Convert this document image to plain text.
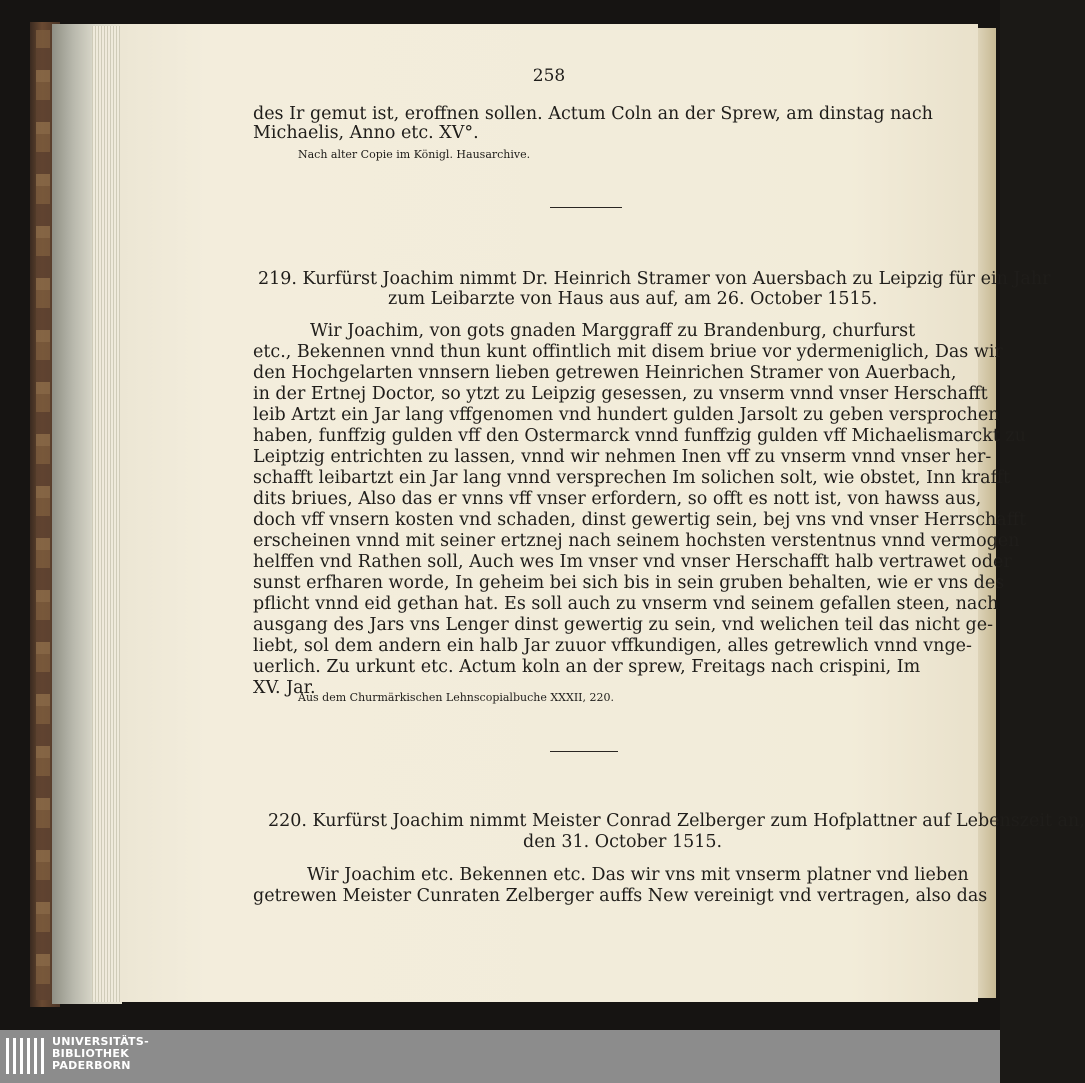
258
des Ir gemut ist, eroffnen sollen. Actum Coln an der Sprew, am dinstag nach
Michaelis, Anno etc. XV°.
Nach alter Copie im Königl. Hausarchive.
219. Kurfürst Joachim nimmt Dr. Heinrich Stramer von Auersbach zu Leipzig für ein Jahr
zum Leibarzte von Haus aus auf, am 26. October 1515.
Wir Joachim, von gots gnaden Marggraff zu Brandenburg, churfurst
etc., Bekennen vnnd thun kunt offintlich mit disem briue vor ydermeniglich, Das wir
den Hochgelarten vnnsern lieben getrewen Heinrichen Stramer von Auerbach,
in der Ertnej Doctor, so ytzt zu Leipzig gesessen, zu vnserm vnnd vnser Herschafft
leib Artzt ein Jar lang vffgenomen vnd hundert gulden Jarsolt zu geben versprochen
haben, funffzig gulden vff den Ostermarck vnnd funffzig gulden vff Michaelismarckt zu
Leiptzig entrichten zu lassen, vnnd wir nehmen Inen vff zu vnserm vnnd vnser her-
schafft leibartzt ein Jar lang vnnd versprechen Im solichen solt, wie obstet, Inn krafft
dits briues, Also das er vnns vff vnser erfordern, so offt es nott ist, von hawss aus,
doch vff vnsern kosten vnd schaden, dinst gewertig sein, bej vns vnd vnser Herrschafft
erscheinen vnnd mit seiner ertznej nach seinem hochsten verstentnus vnnd vermogen
helffen vnd Rathen soll, Auch wes Im vnser vnd vnser Herschafft halb vertrawet oder
sunst erfharen worde, In geheim bei sich bis in sein gruben behalten, wie er vns des
pflicht vnnd eid gethan hat. Es soll auch zu vnserm vnd seinem gefallen steen, nach
ausgang des Jars vns Lenger dinst gewertig zu sein, vnd welichen teil das nicht ge-
liebt, sol dem andern ein halb Jar zuuor vffkundigen, alles getrewlich vnnd vnge-
uerlich. Zu urkunt etc. Actum koln an der sprew, Freitags nach crispini, Im
XV. Jar.
Aus dem Churmärkischen Lehnscopialbuche XXXII, 220.
220. Kurfürst Joachim nimmt Meister Conrad Zelberger zum Hofplattner auf Lebenszeit an,
den 31. October 1515.
Wir Joachim etc. Bekennen etc. Das wir vns mit vnserm platner vnd lieben
getrewen Meister Cunraten Zelberger auffs New vereinigt vnd vertragen, also das
UNIVERSITÄTS-
BIBLIOTHEK
PADERBORN
